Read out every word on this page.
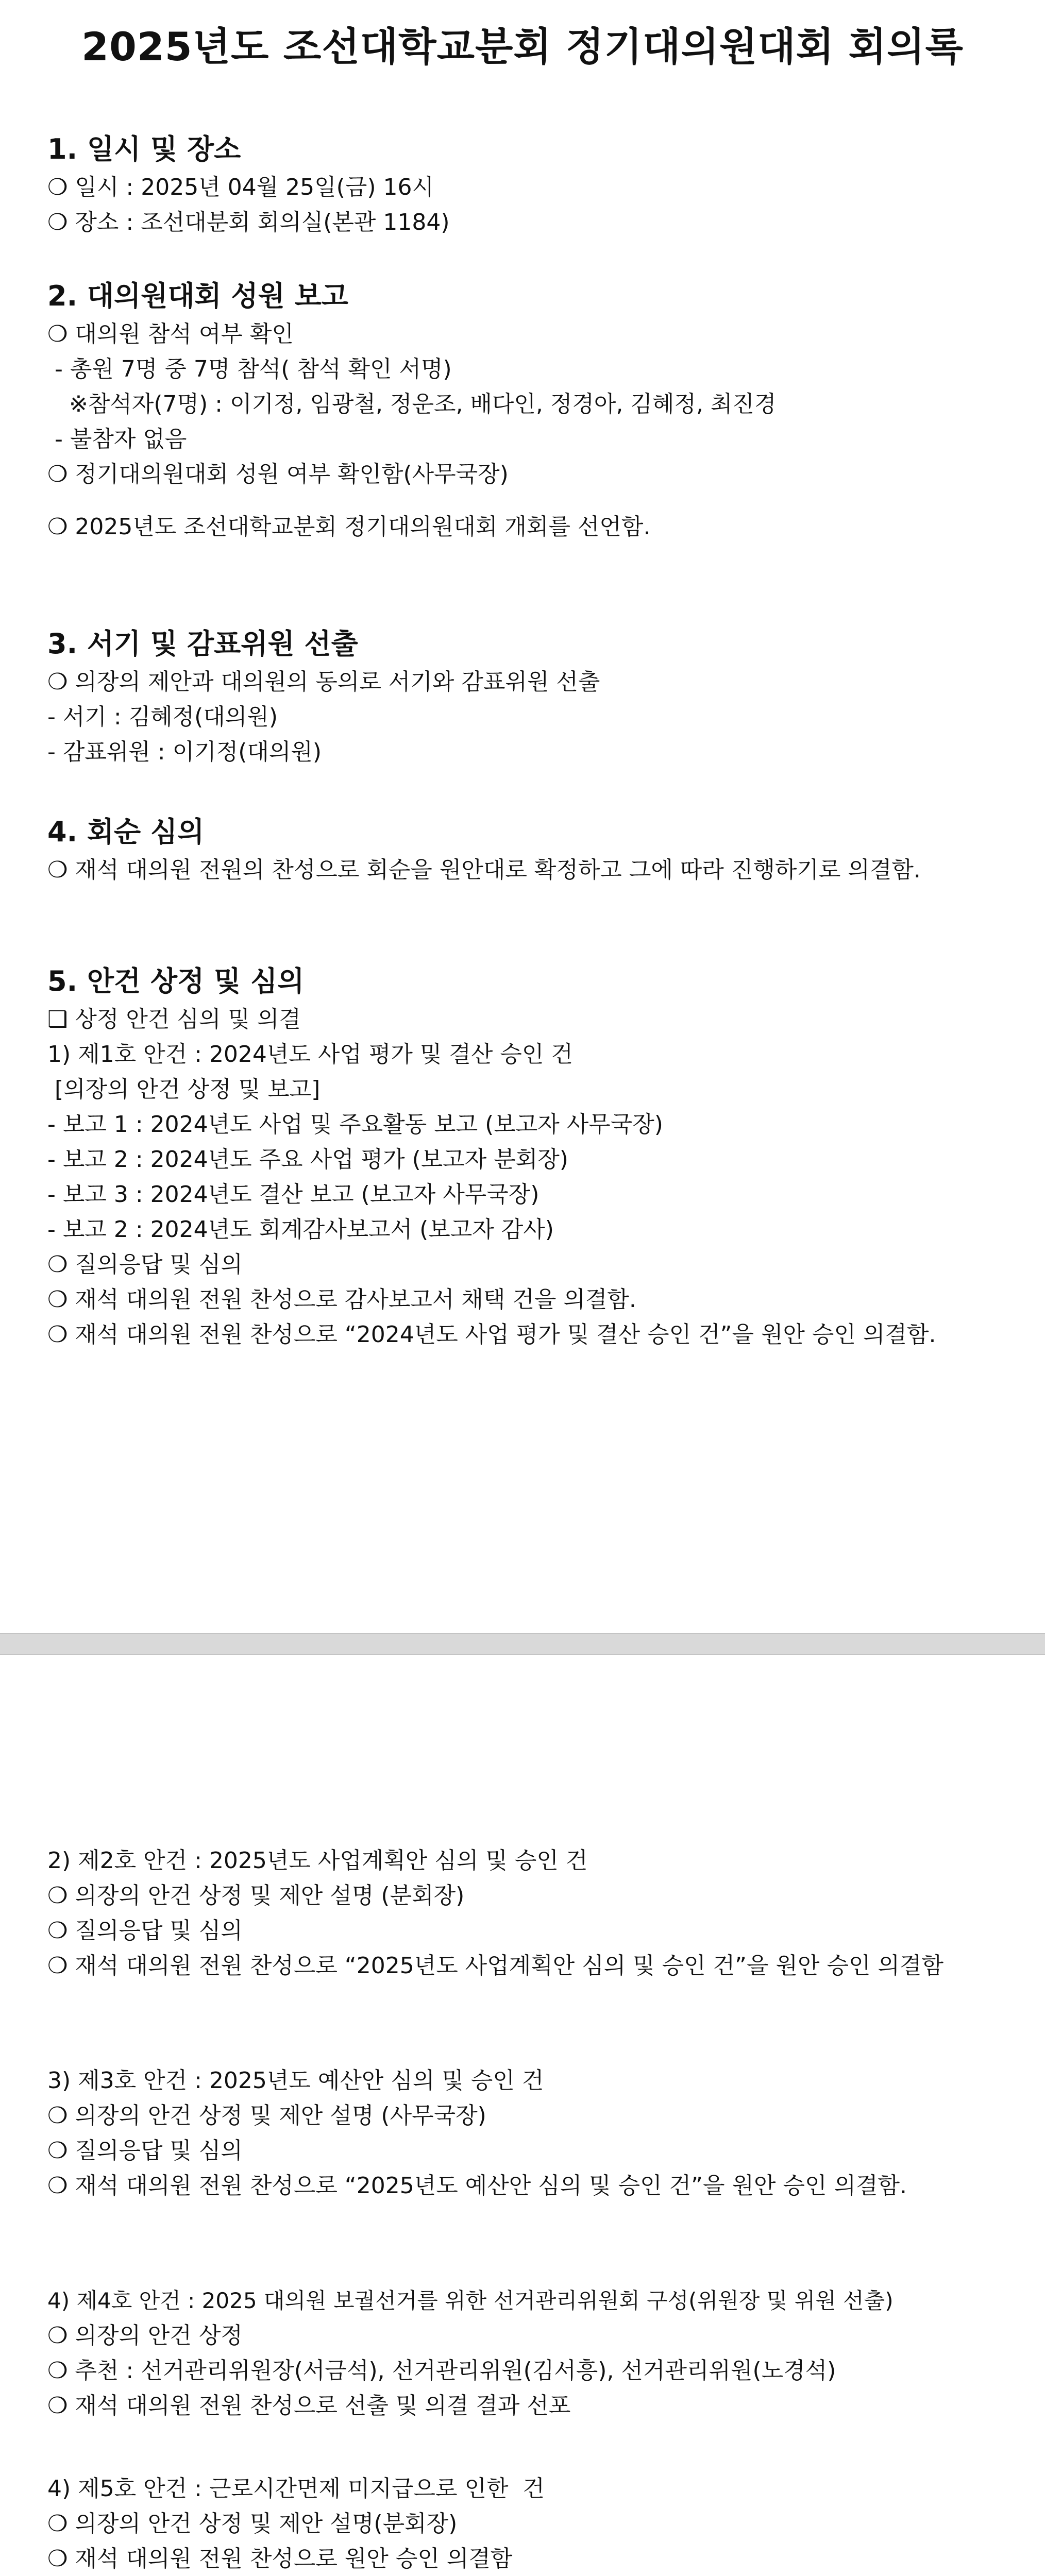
2025년도 조선대학교분회 정기대의원대회 회의록
1. 일시 및 장소
❍ 일시 : 2025년 04월 25일(금) 16시
❍ 장소 : 조선대분회 회의실(본관 1184)
2. 대의원대회 성원 보고
❍ 대의원 참석 여부 확인
- 총원 7명 중 7명 참석( 참석 확인 서명)
※참석자(7명) : 이기정, 임광철, 정운조, 배다인, 정경아, 김혜정, 최진경
- 불참자 없음
❍ 정기대의원대회 성원 여부 확인함(사무국장)
❍ 2025년도 조선대학교분회 정기대의원대회 개회를 선언함.
3. 서기 및 감표위원 선출
❍ 의장의 제안과 대의원의 동의로 서기와 감표위원 선출
- 서기 : 김혜정(대의원)
- 감표위원 : 이기정(대의원)
4. 회순 심의
❍ 재석 대의원 전원의 찬성으로 회순을 원안대로 확정하고 그에 따라 진행하기로 의결함.
5. 안건 상정 및 심의
❑ 상정 안건 심의 및 의결
1) 제1호 안건 : 2024년도 사업 평가 및 결산 승인 건
[의장의 안건 상정 및 보고]
- 보고 1 : 2024년도 사업 및 주요활동 보고 (보고자 사무국장)
- 보고 2 : 2024년도 주요 사업 평가 (보고자 분회장)
- 보고 3 : 2024년도 결산 보고 (보고자 사무국장)
- 보고 2 : 2024년도 회계감사보고서 (보고자 감사)
❍ 질의응답 및 심의
❍ 재석 대의원 전원 찬성으로 감사보고서 채택 건을 의결함.
❍ 재석 대의원 전원 찬성으로 “2024년도 사업 평가 및 결산 승인 건”을 원안 승인 의결함.
2) 제2호 안건 : 2025년도 사업계획안 심의 및 승인 건
❍ 의장의 안건 상정 및 제안 설명 (분회장)
❍ 질의응답 및 심의
❍ 재석 대의원 전원 찬성으로 “2025년도 사업계획안 심의 및 승인 건”을 원안 승인 의결함
3) 제3호 안건 : 2025년도 예산안 심의 및 승인 건
❍ 의장의 안건 상정 및 제안 설명 (사무국장)
❍ 질의응답 및 심의
❍ 재석 대의원 전원 찬성으로 “2025년도 예산안 심의 및 승인 건”을 원안 승인 의결함.
4) 제4호 안건 : 2025 대의원 보궐선거를 위한 선거관리위원회 구성(위원장 및 위원 선출)
❍ 의장의 안건 상정
❍ 추천 : 선거관리위원장(서금석), 선거관리위원(김서흥), 선거관리위원(노경석)
❍ 재석 대의원 전원 찬성으로 선출 및 의결 결과 선포
4) 제5호 안건 : 근로시간면제 미지급으로 인한  건
❍ 의장의 안건 상정 및 제안 설명(분회장)
❍ 재석 대의원 전원 찬성으로 원안 승인 의결함
